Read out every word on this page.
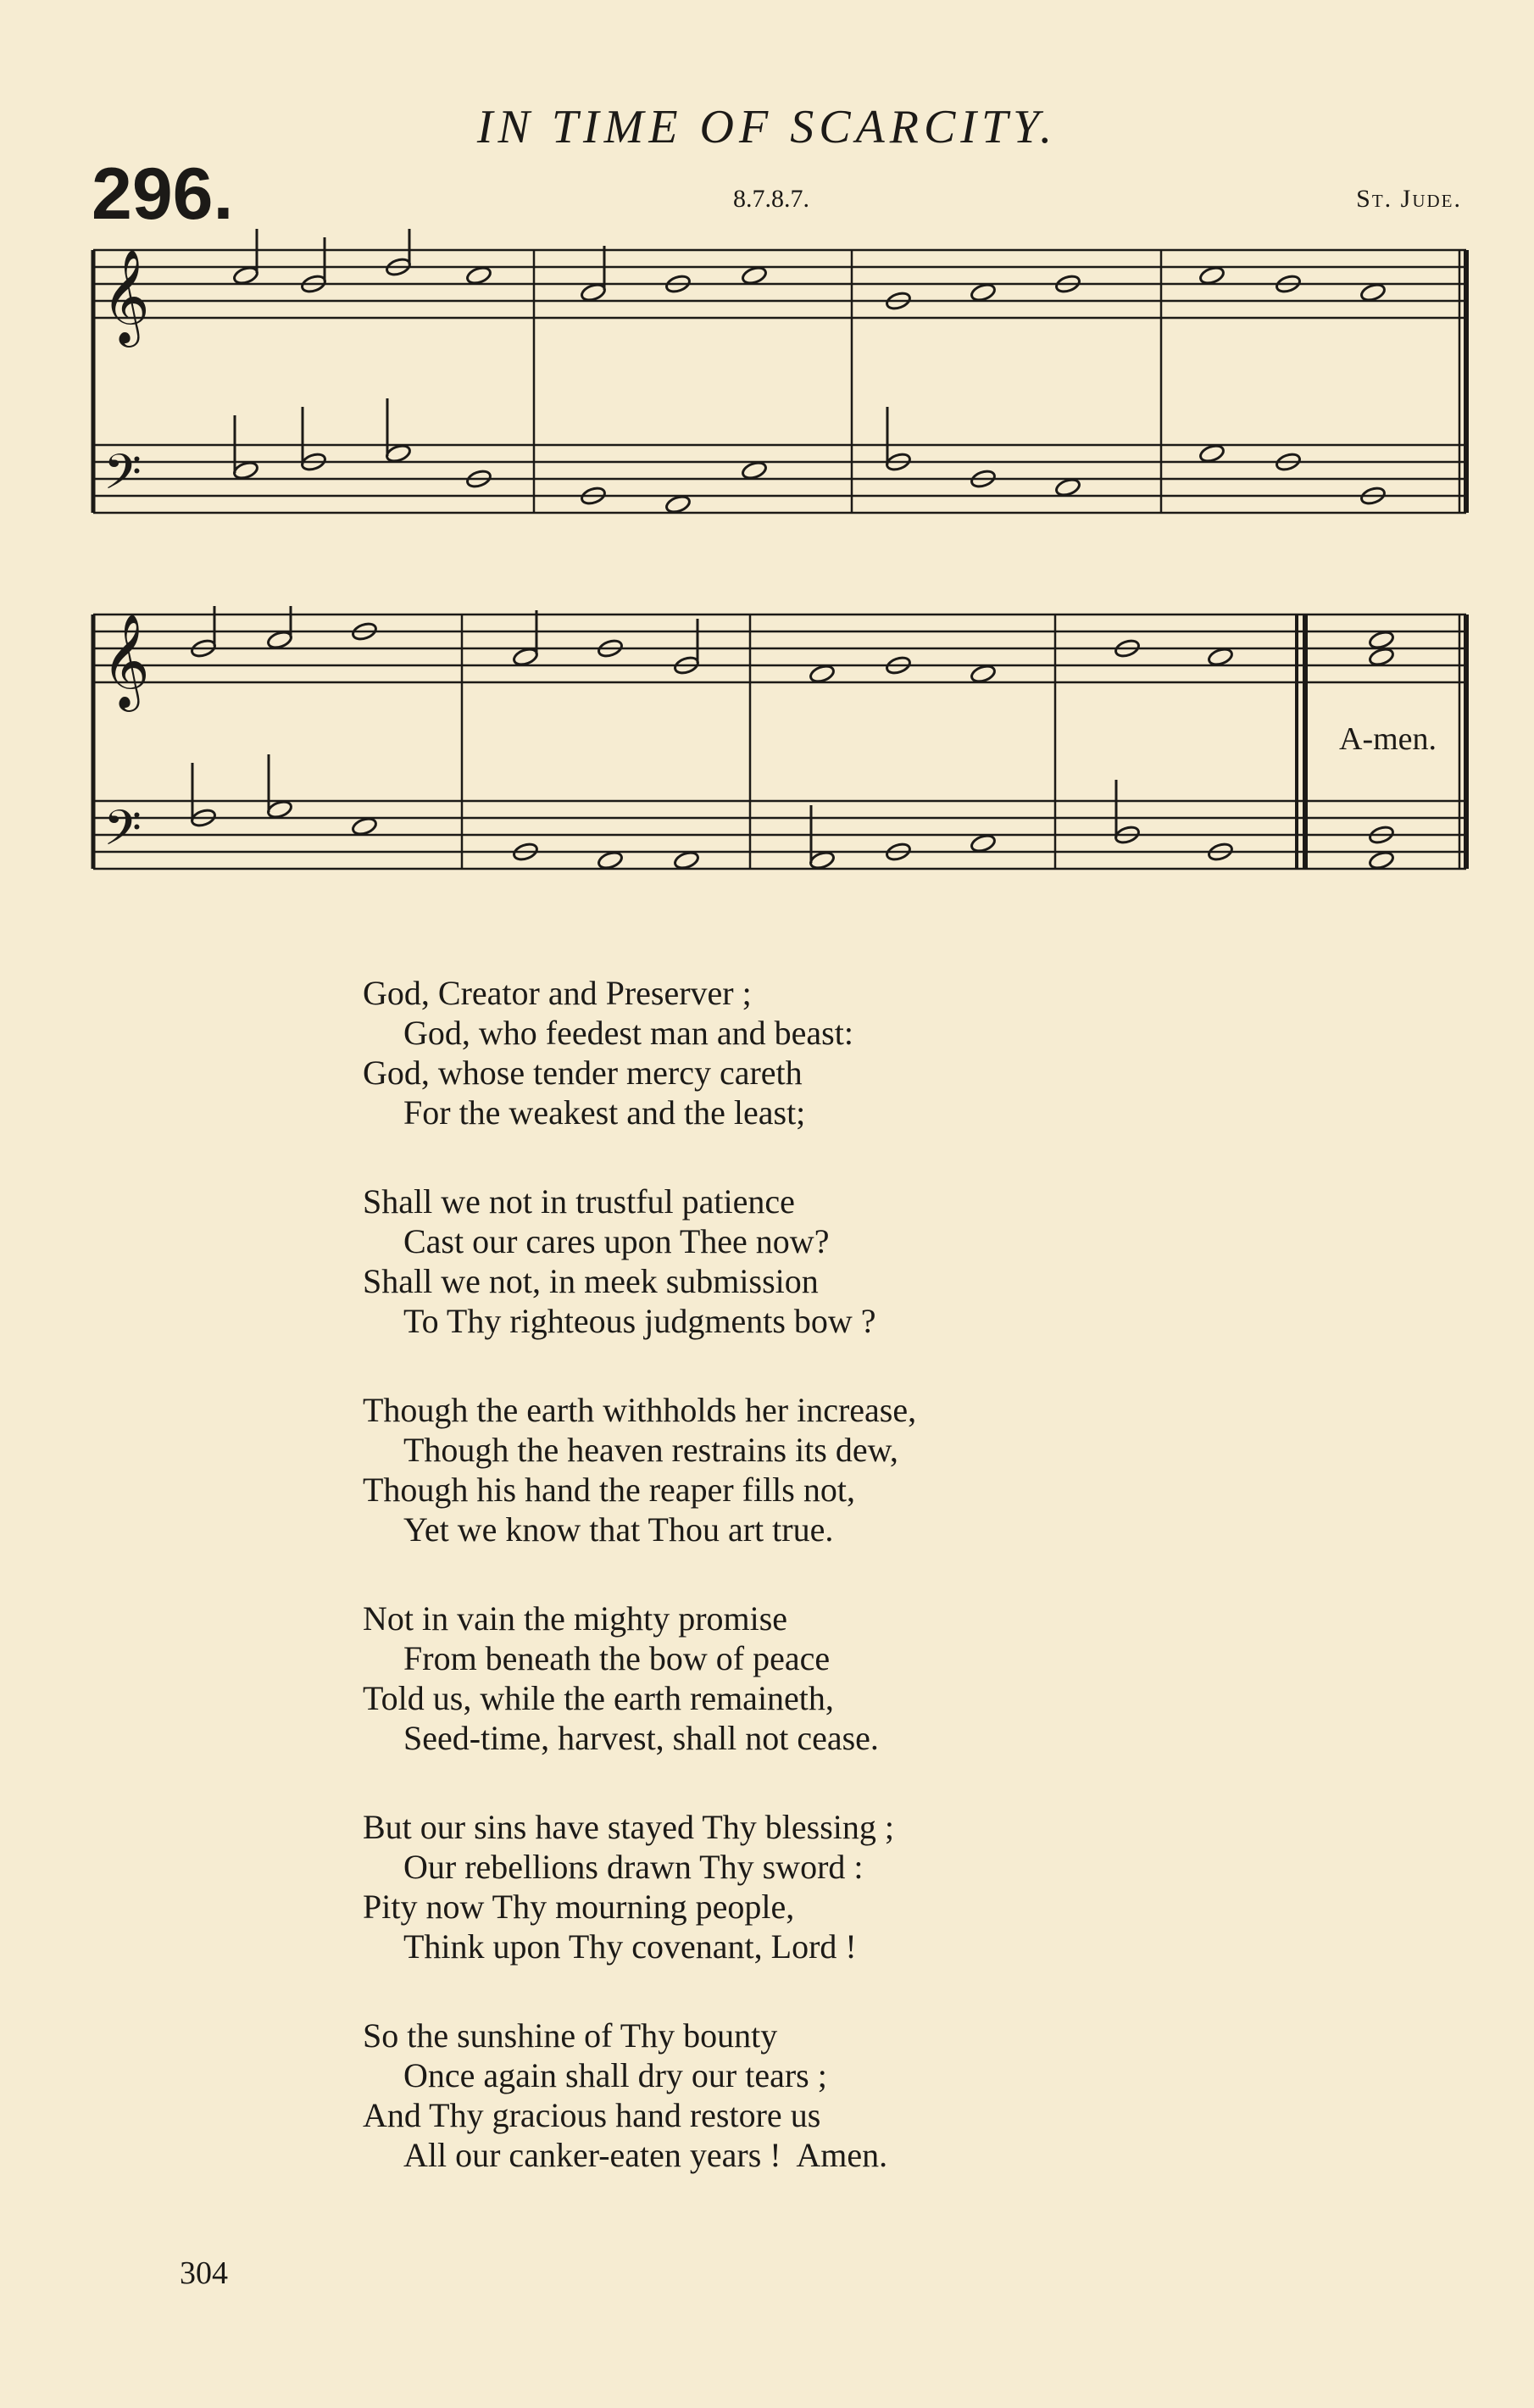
IN TIME OF SCARCITY.
296.	8.7.8.7.	St. Jude.
𝄞
𝄢
𝄞
𝄢
A-men.
God, Creator and Preserver ;
God, who feedest man and beast:
God, whose tender mercy careth
For the weakest and the least;
Shall we not in trustful patience
Cast our cares upon Thee now?
Shall we not, in meek submission
To Thy righteous judgments bow ?
Though the earth withholds her increase,
Though the heaven restrains its dew,
Though his hand the reaper fills not,
Yet we know that Thou art true.
Not in vain the mighty promise
From beneath the bow of peace
Told us, while the earth remaineth,
Seed-time, harvest, shall not cease.
But our sins have stayed Thy blessing ;
Our rebellions drawn Thy sword :
Pity now Thy mourning people,
Think upon Thy covenant, Lord !
So the sunshine of Thy bounty
Once again shall dry our tears ;
And Thy gracious hand restore us
All our canker-eaten years !  Amen.
304
